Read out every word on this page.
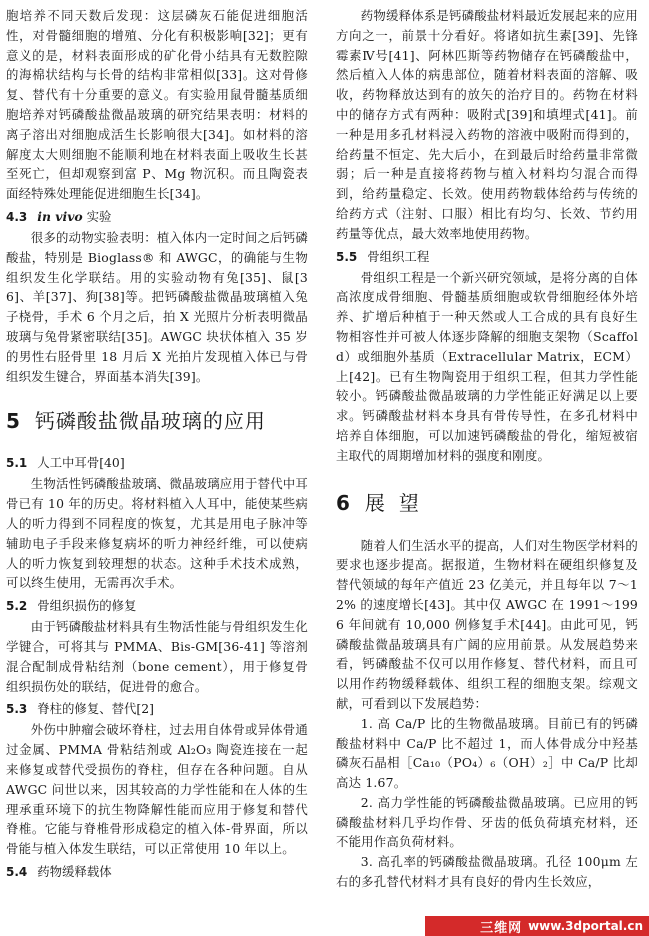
胞培养不同天数后发现：这层磷灰石能促进细胞活性，对骨髓细胞的增殖、分化有积极影响[32]；更有意义的是，材料表面形成的矿化骨小结具有无数腔隙的海棉状结构与长骨的结构非常相似[33]。这对骨修复、替代有十分重要的意义。有实验用鼠骨髓基质细胞培养对钙磷酸盐微晶玻璃的研究结果表明：材料的离子溶出对细胞成活生长影响很大[34]。如材料的溶解度太大则细胞不能顺利地在材料表面上吸收生长甚至死亡，但却观察到富 P、Mg 物沉积。而且陶瓷表面经特殊处理能促进细胞生长[34]。

4.3 in vivo 实验

很多的动物实验表明：植入体内一定时间之后钙磷酸盐，特别是 Bioglass® 和 AWGC，的确能与生物组织发生化学联结。用的实验动物有兔[35]、鼠[36]、羊[37]、狗[38]等。把钙磷酸盐微晶玻璃植入兔子桡骨，手术 6 个月之后，拍 X 光照片分析表明微晶玻璃与兔骨紧密联结[35]。AWGC 块状体植入 35 岁的男性右胫骨里 18 月后 X 光拍片发现植入体已与骨组织发生键合，界面基本消失[39]。

5 钙磷酸盐微晶玻璃的应用
5.1 人工中耳骨[40]

生物活性钙磷酸盐玻璃、微晶玻璃应用于替代中耳骨已有 10 年的历史。将材料植入人耳中，能使某些病人的听力得到不同程度的恢复，尤其是用电子脉冲等辅助电子手段来修复病坏的听力神经纤维，可以使病人的听力恢复到较理想的状态。这种手术技术成熟，可以终生使用，无需再次手术。

5.2 骨组织损伤的修复

由于钙磷酸盐材料具有生物活性能与骨组织发生化学键合，可将其与 PMMA、Bis-GM[36-41] 等溶剂混合配制成骨粘结剂（bone cement），用于修复骨组织损伤处的联结，促进骨的愈合。

5.3 脊柱的修复、替代[2]

外伤中肿瘤会破坏脊柱，过去用自体骨或异体骨通过金属、PMMA 骨粘结剂或 Al₂O₃ 陶瓷连接在一起来修复或替代受损伤的脊柱，但存在各种问题。自从 AWGC 问世以来，因其较高的力学性能和在人体的生理承重环境下的抗生物降解性能而应用于修复和替代脊椎。它能与脊椎骨形成稳定的植入体-骨界面，所以骨能与植入体发生联结，可以正常使用 10 年以上。

5.4 药物缓释载体

药物缓释体系是钙磷酸盐材料最近发展起来的应用方向之一，前景十分看好。将诸如抗生素[39]、先锋霉素Ⅳ号[41]、阿林匹斯等药物储存在钙磷酸盐中，然后植入人体的病患部位，随着材料表面的溶解、吸收，药物释放达到有的放矢的治疗目的。药物在材料中的储存方式有两种：吸附式[39]和填埋式[41]。前一种是用多孔材料浸入药物的溶液中吸附而得到的，给药量不恒定、先大后小，在到最后时给药量非常微弱；后一种是直接将药物与植入材料均匀混合而得到，给药量稳定、长效。使用药物载体给药与传统的给药方式（注射、口服）相比有均匀、长效、节约用药量等优点，最大效率地使用药物。

5.5 骨组织工程

骨组织工程是一个新兴研究领域，是将分离的自体高浓度成骨细胞、骨髓基质细胞或软骨细胞经体外培养、扩增后种植于一种天然或人工合成的具有良好生物相容性并可被人体逐步降解的细胞支架物（Scaffold）或细胞外基质（Extracellular Matrix，ECM）上[42]。已有生物陶瓷用于组织工程，但其力学性能较小。钙磷酸盐微晶玻璃的力学性能正好满足以上要求。钙磷酸盐材料本身具有骨传导性，在多孔材料中培养自体细胞，可以加速钙磷酸盐的骨化，缩短被宿主取代的周期增加材料的强度和刚度。

6 展望

随着人们生活水平的提高，人们对生物医学材料的要求也逐步提高。据报道，生物材料在硬组织修复及替代领域的每年产值近 23 亿美元，并且每年以 7～12% 的速度增长[43]。其中仅 AWGC 在 1991～1996 年间就有 10,000 例修复手术[44]。由此可见，钙磷酸盐微晶玻璃具有广阔的应用前景。从发展趋势来看，钙磷酸盐不仅可以用作修复、替代材料，而且可以用作药物缓释载体、组织工程的细胞支架。综观文献，可看到以下发展趋势：

1. 高 Ca/P 比的生物微晶玻璃。目前已有的钙磷酸盐材料中 Ca/P 比不超过 1，而人体骨成分中羟基磷灰石晶相［Ca₁₀（PO₄）₆（OH）₂］中 Ca/P 比却高达 1.67。

2. 高力学性能的钙磷酸盐微晶玻璃。已应用的钙磷酸盐材料几乎均作骨、牙齿的低负荷填充材料，还不能用作高负荷材料。

3. 高孔率的钙磷酸盐微晶玻璃。孔径 100μm 左右的多孔替代材料才具有良好的骨内生长效应，

三维网 www.3dportal.cn
